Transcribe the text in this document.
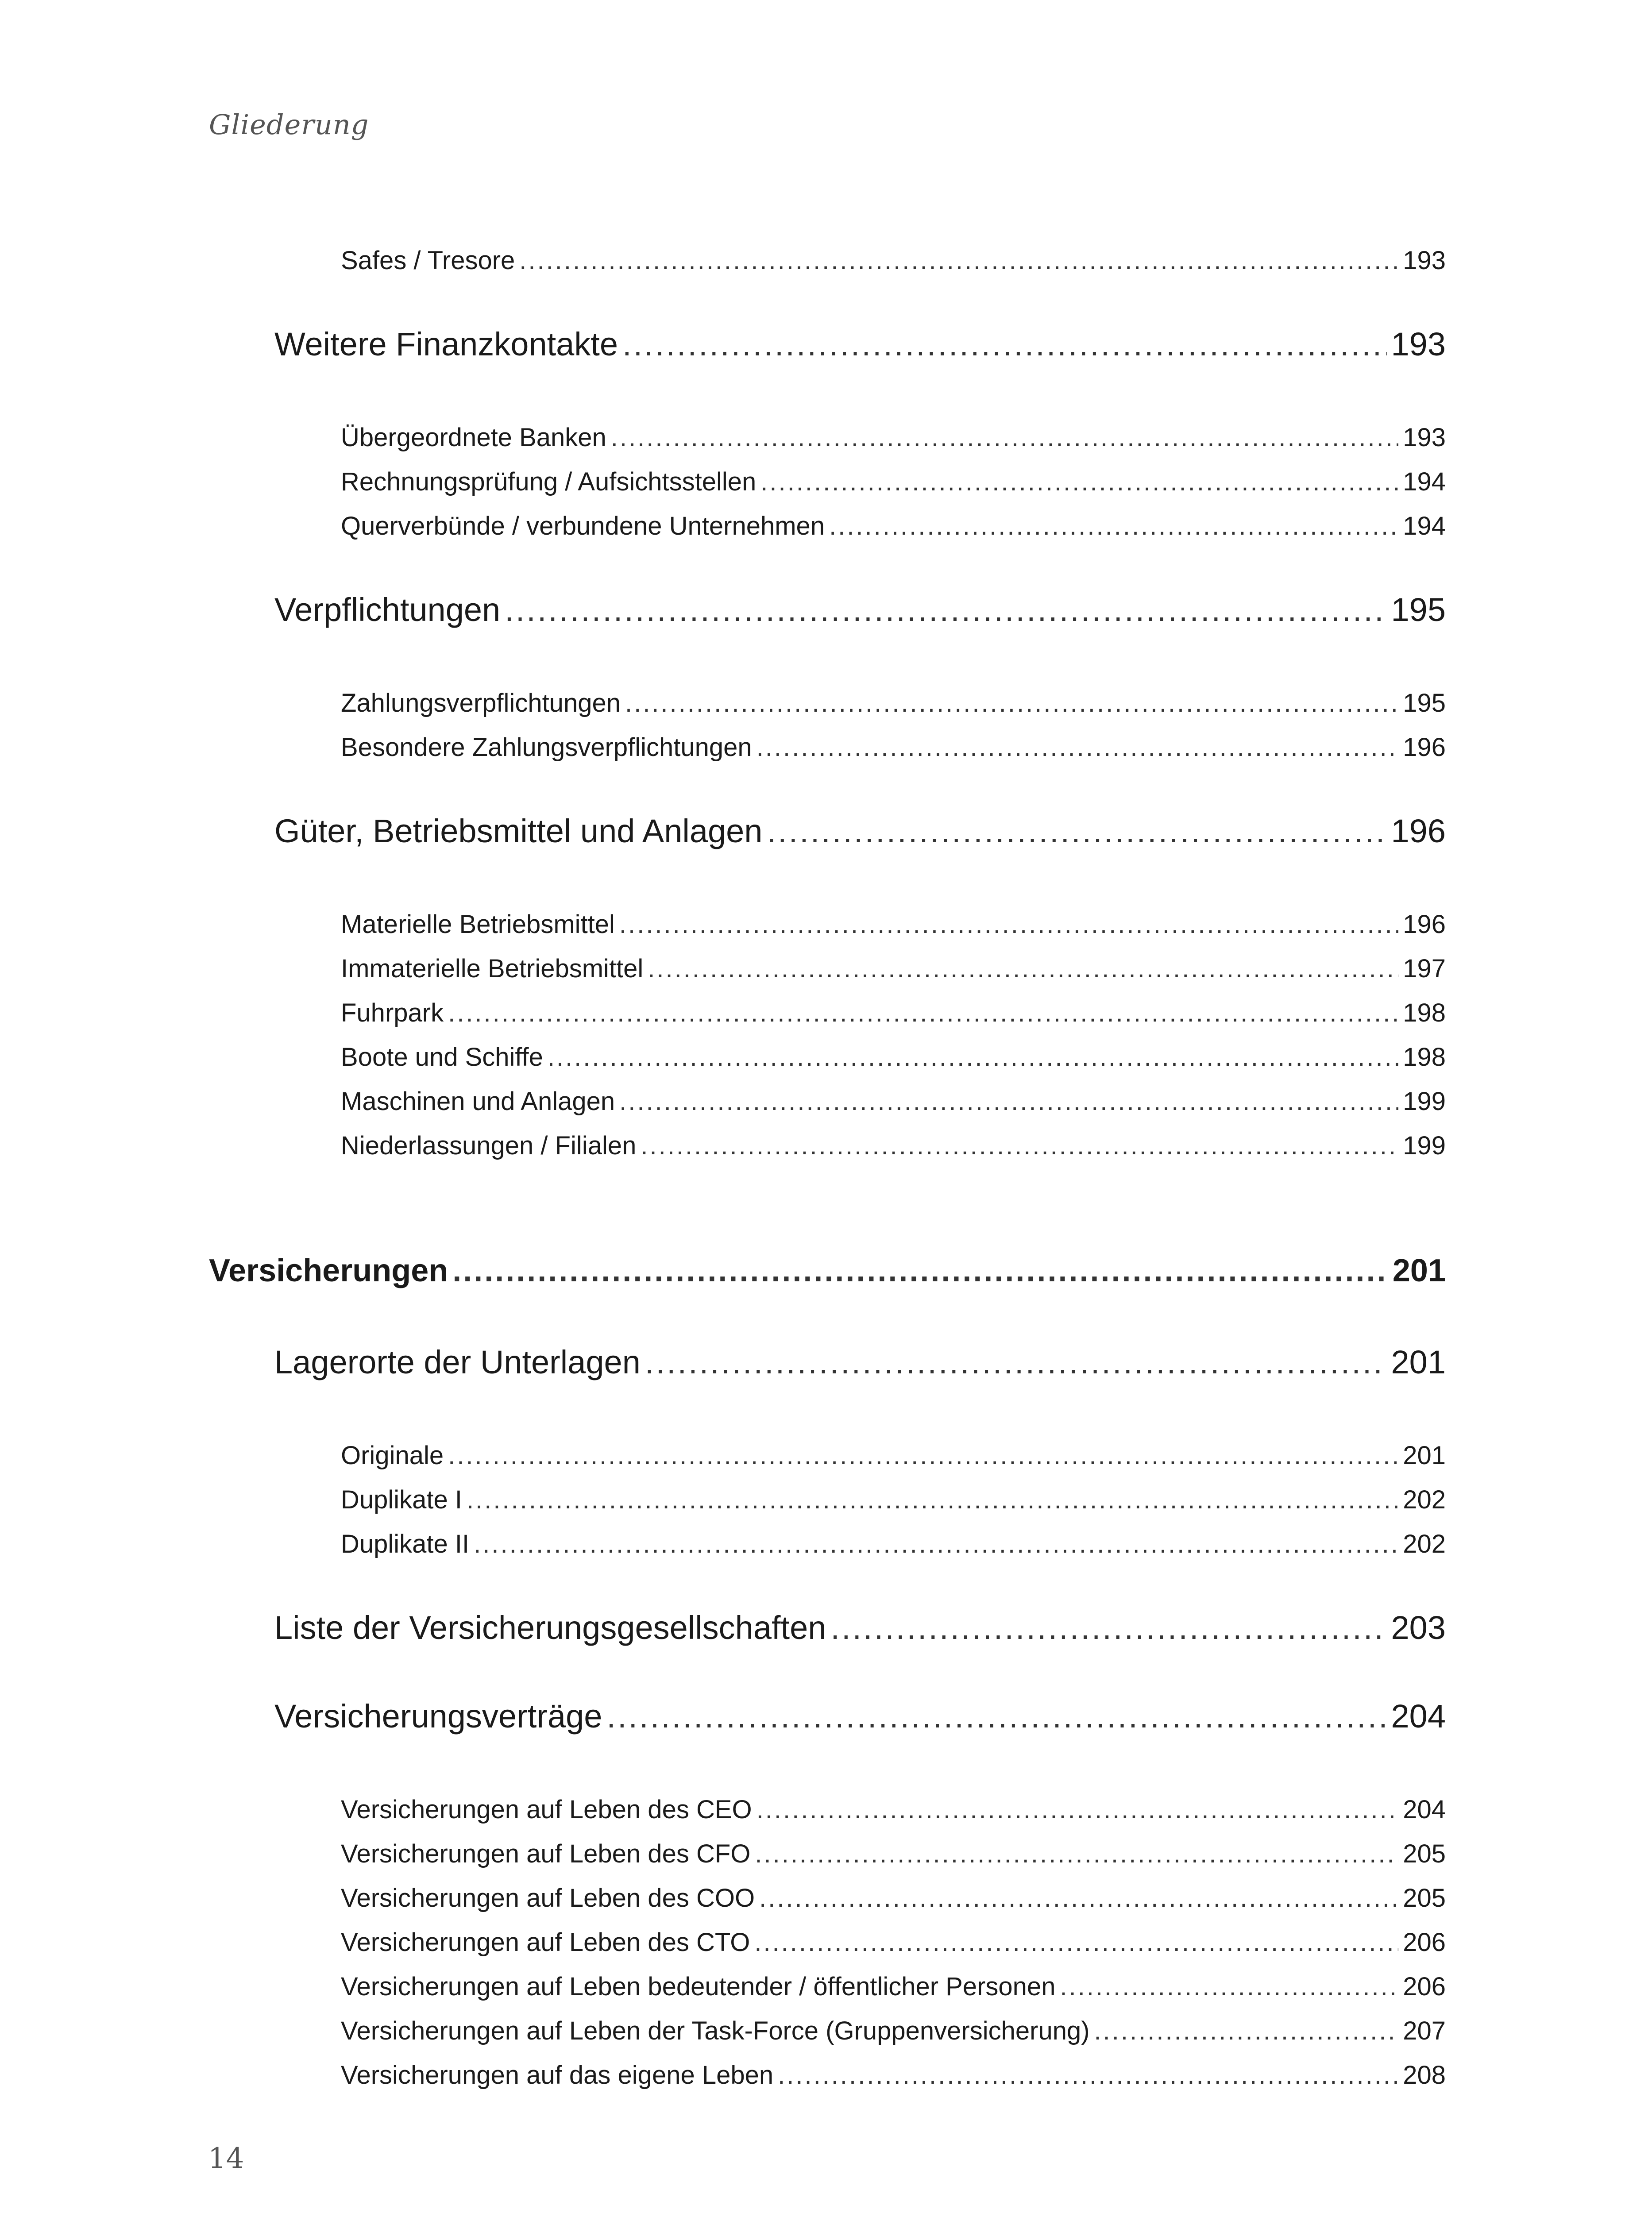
Gliederung
Safes / Tresore .....	193
Weitere Finanzkontakte .....	193
Übergeordnete Banken .....	193
Rechnungsprüfung / Aufsichtsstellen .....	194
Querverbünde / verbundene Unternehmen .....	194
Verpflichtungen .....	195
Zahlungsverpflichtungen .....	195
Besondere Zahlungsverpflichtungen .....	196
Güter, Betriebsmittel und Anlagen .....	196
Materielle Betriebsmittel .....	196
Immaterielle Betriebsmittel .....	197
Fuhrpark .....	198
Boote und Schiffe .....	198
Maschinen und Anlagen .....	199
Niederlassungen / Filialen .....	199
Versicherungen .....	201
Lagerorte der Unterlagen .....	201
Originale .....	201
Duplikate I .....	202
Duplikate II .....	202
Liste der Versicherungsgesellschaften .....	203
Versicherungsverträge .....	204
Versicherungen auf Leben des CEO .....	204
Versicherungen auf Leben des CFO .....	205
Versicherungen auf Leben des COO .....	205
Versicherungen auf Leben des CTO .....	206
Versicherungen auf Leben bedeutender / öffentlicher Personen .....	206
Versicherungen auf Leben der Task-Force (Gruppenversicherung) .....	207
Versicherungen auf das eigene Leben .....	208
14
